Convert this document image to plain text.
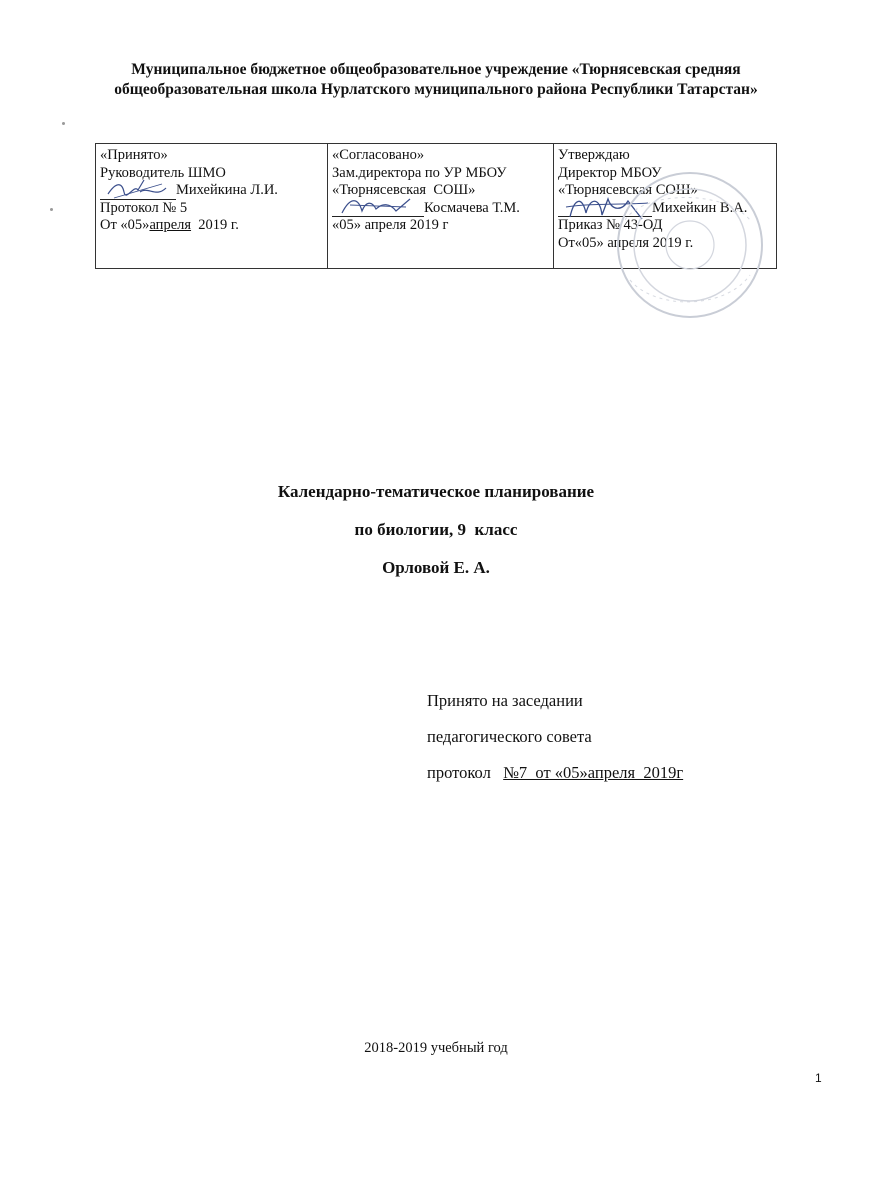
Муниципальное бюджетное общеобразовательное учреждение «Тюрнясевская средняя
общеобразовательная школа Нурлатского муниципального района Республики Татарстан»
«Принято»
Руководитель ШМО
Михейкина Л.И.
Протокол № 5
От «05»апреля  2019 г.

«Согласовано»
Зам.директора по УР МБОУ
«Тюрнясевская  СОШ»
Космачева Т.М.
«05» апреля 2019 г

Утверждаю
Директор МБОУ
«Тюрнясевская СОШ»
Михейкин В.А.
Приказ № 43-ОД
От«05» апреля 2019 г.
Календарно-тематическое планирование
по биологии, 9  класс
Орловой Е. А.
Принято на заседании
педагогического совета
протокол   №7  от «05»апреля  2019г
2018-2019 учебный год
1
